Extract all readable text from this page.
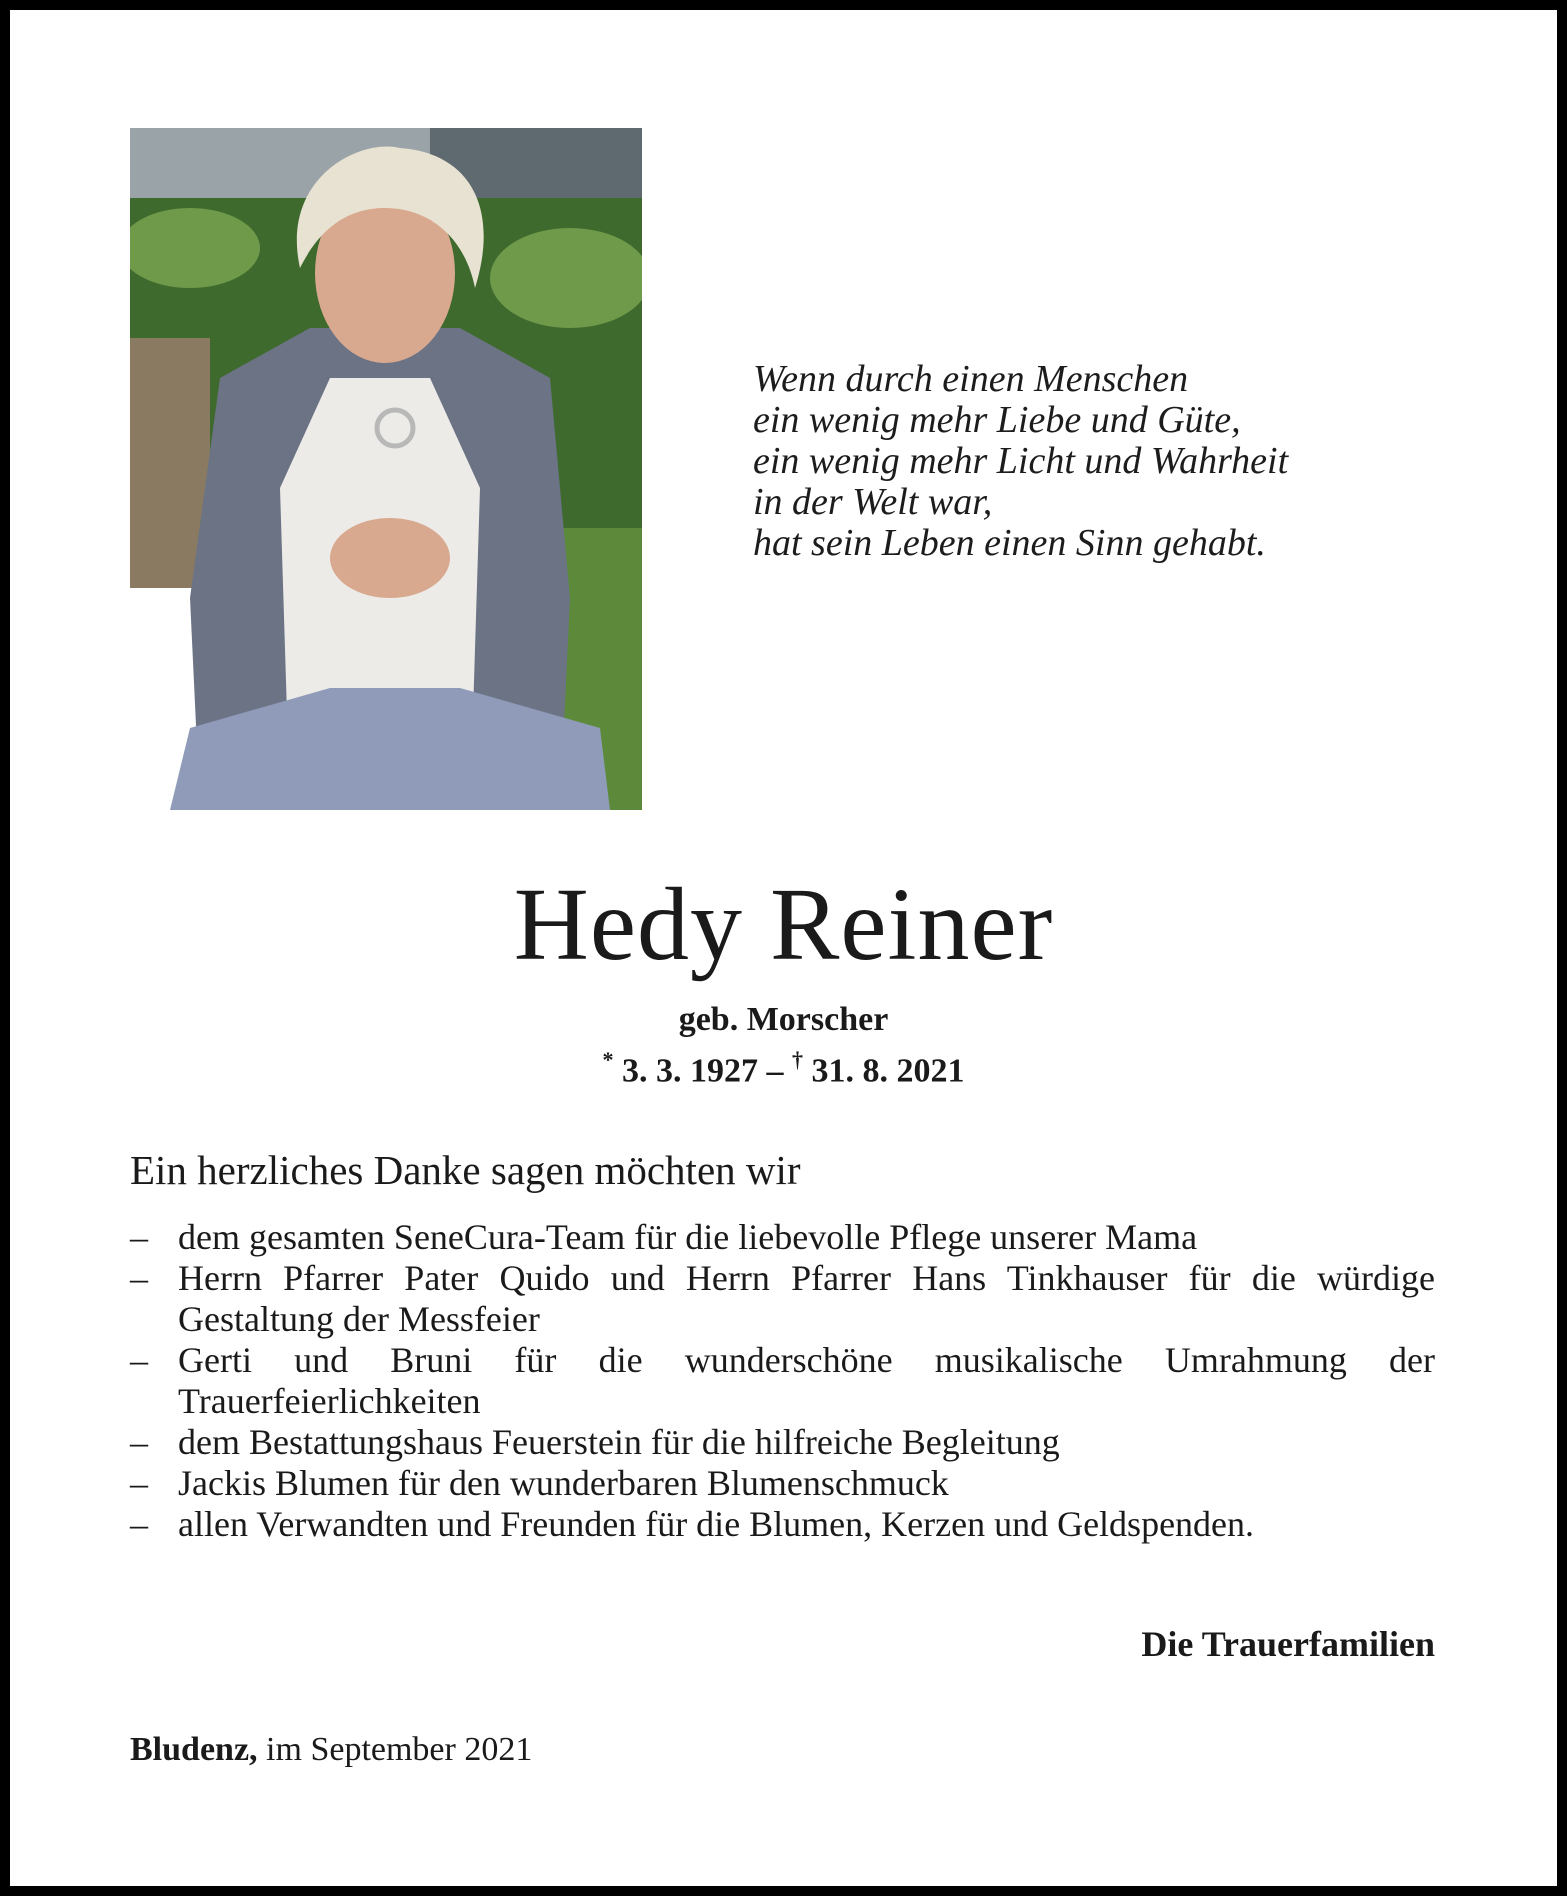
Wenn durch einen Menschen
ein wenig mehr Liebe und Güte,
ein wenig mehr Licht und Wahrheit
in der Welt war,
hat sein Leben einen Sinn gehabt.
Hedy Reiner
geb. Morscher
* 3. 3. 1927 – † 31. 8. 2021
Ein herzliches Danke sagen möchten wir
– dem gesamten SeneCura-Team für die liebevolle Pflege unserer Mama
– Herrn Pfarrer Pater Quido und Herrn Pfarrer Hans Tinkhauser für die würdige Gestaltung der Messfeier
– Gerti und Bruni für die wunderschöne musikalische Umrahmung der Trauerfeierlichkeiten
– dem Bestattungshaus Feuerstein für die hilfreiche Begleitung
– Jackis Blumen für den wunderbaren Blumenschmuck
– allen Verwandten und Freunden für die Blumen, Kerzen und Geldspenden.
Die Trauerfamilien
Bludenz, im September 2021
